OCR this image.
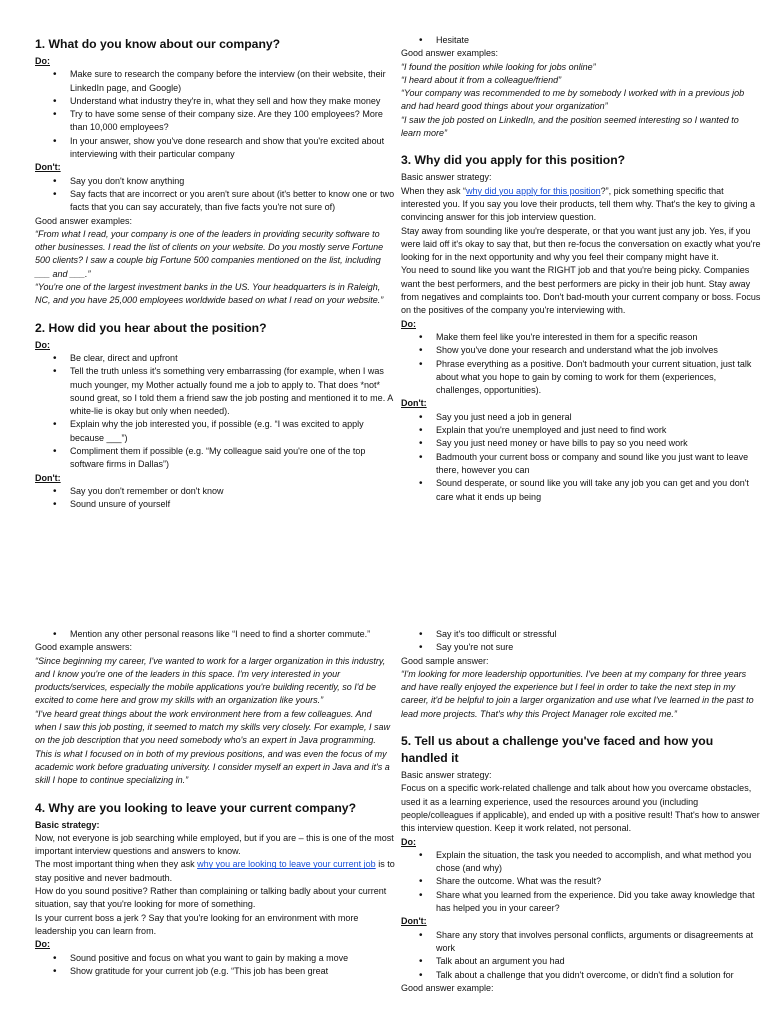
1. What do you know about our company?
Do:
• Make sure to research the company before the interview (on their website, their LinkedIn page, and Google)
• Understand what industry they're in, what they sell and how they make money
• Try to have some sense of their company size. Are they 100 employees? More than 10,000 employees?
• In your answer, show you've done research and show that you're excited about interviewing with their particular company
Don't:
• Say you don't know anything
• Say facts that are incorrect or you aren't sure about (it's better to know one or two facts that you can say accurately, than five facts you're not sure of)

Good answer examples:

“From what I read, your company is one of the leaders in providing security software to other businesses. I read the list of clients on your website. Do you mostly serve Fortune 500 clients? I saw a couple big Fortune 500 companies mentioned on the list, including ___ and ___.”

“You're one of the largest investment banks in the US. Your headquarters is in Raleigh, NC, and you have 25,000 employees worldwide based on what I read on your website.”

2. How did you hear about the position?
Do:
• Be clear, direct and upfront
• Tell the truth unless it's something very embarrassing (for example, when I was much younger, my Mother actually found me a job to apply to. That does *not* sound great, so I told them a friend saw the job posting and mentioned it to me. A white-lie is okay but only when needed).
• Explain why the job interested you, if possible (e.g. “I was excited to apply because ___”)
• Compliment them if possible (e.g. “My colleague said you're one of the top software firms in Dallas”)
Don't:
• Say you don't remember or don't know
• Sound unsure of yourself
• Hesitate

Good answer examples:

“I found the position while looking for jobs online”

“I heard about it from a colleague/friend”

“Your company was recommended to me by somebody I worked with in a previous job and had heard good things about your organization”

“I saw the job posted on LinkedIn, and the position seemed interesting so I wanted to learn more”

3. Why did you apply for this position?

Basic answer strategy:

When they ask “why did you apply for this position?”, pick something specific that interested you. If you say you love their products, tell them why. That's the key to giving a convincing answer for this job interview question.

Stay away from sounding like you're desperate, or that you want just any job. Yes, if you were laid off it's okay to say that, but then re-focus the conversation on exactly what you're looking for in the next opportunity and why you feel their company might have it.

You need to sound like you want the RIGHT job and that you're being picky. Companies want the best performers, and the best performers are picky in their job hunt. Stay away from negatives and complaints too. Don't bad-mouth your current company or boss. Focus on the positives of the company you're interviewing with.

Do:
• Make them feel like you're interested in them for a specific reason
• Show you've done your research and understand what the job involves
• Phrase everything as a positive. Don't badmouth your current situation, just talk about what you hope to gain by coming to work for them (experiences, challenges, opportunities).
Don't:
• Say you just need a job in general
• Explain that you're unemployed and just need to find work
• Say you just need money or have bills to pay so you need work
• Badmouth your current boss or company and sound like you just want to leave there, however you can
• Sound desperate, or sound like you will take any job you can get and you don't care what it ends up being
• Mention any other personal reasons like “I need to find a shorter commute.”

Good example answers:

“Since beginning my career, I've wanted to work for a larger organization in this industry, and I know you're one of the leaders in this space. I'm very interested in your products/services, especially the mobile applications you're building recently, so I'd be excited to come here and grow my skills with an organization like yours.”

“I've heard great things about the work environment here from a few colleagues. And when I saw this job posting, it seemed to match my skills very closely. For example, I saw on the job description that you need somebody who's an expert in Java programming. This is what I focused on in both of my previous positions, and was even the focus of my academic work before graduating university. I consider myself an expert in Java and it's a skill I hope to continue specializing in.”

4. Why are you looking to leave your current company?

Basic strategy:

Now, not everyone is job searching while employed, but if you are – this is one of the most important interview questions and answers to know.

The most important thing when they ask why you are looking to leave your current job is to stay positive and never badmouth.

How do you sound positive? Rather than complaining or talking badly about your current situation, say that you're looking for more of something.

Is your current boss a jerk ? Say that you're looking for an environment with more leadership you can learn from.

Do:
• Sound positive and focus on what you want to gain by making a move
• Show gratitude for your current job (e.g. “This job has been great
• Say it's too difficult or stressful
• Say you're not sure

Good sample answer:

“I'm looking for more leadership opportunities. I've been at my company for three years and have really enjoyed the experience but I feel in order to take the next step in my career, it'd be helpful to join a larger organization and use what I've learned in the past to lead more projects. That's why this Project Manager role excited me.”

5. Tell us about a challenge you've faced and how you handled it

Basic answer strategy:

Focus on a specific work-related challenge and talk about how you overcame obstacles, used it as a learning experience, used the resources around you (including people/colleagues if applicable), and ended up with a positive result! That's how to answer this interview question. Keep it work related, not personal.

Do:
• Explain the situation, the task you needed to accomplish, and what method you chose (and why)
• Share the outcome. What was the result?
• Share what you learned from the experience. Did you take away knowledge that has helped you in your career?
Don't:
• Share any story that involves personal conflicts, arguments or disagreements at work
• Talk about an argument you had
• Talk about a challenge that you didn't overcome, or didn't find a solution for

Good answer example:
